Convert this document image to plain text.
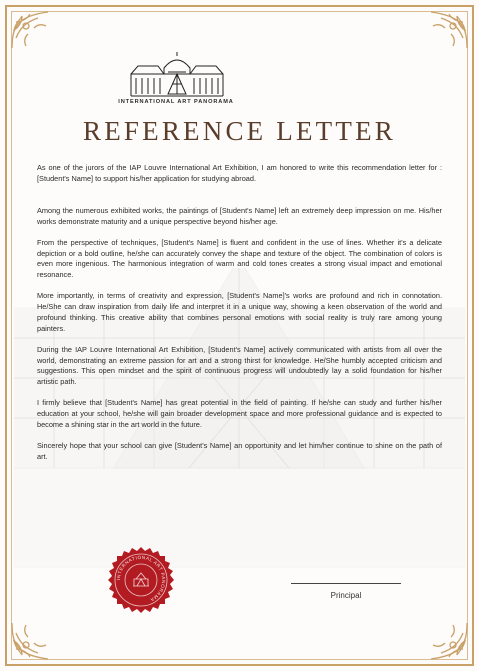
INTERNATIONAL ART PANORAMA
REFERENCE LETTER

As one of the jurors of the IAP Louvre International Art Exhibition, I am honored to write this recommendation letter for : [Student's Name] to support his/her application for studying abroad.

Among the numerous exhibited works, the paintings of [Student's Name] left an extremely deep impression on me. His/her works demonstrate maturity and a unique perspective beyond his/her age.

From the perspective of techniques, [Student's Name] is fluent and confident in the use of lines. Whether it's a delicate depiction or a bold outline, he/she can accurately convey the shape and texture of the object. The combination of colors is even more ingenious. The harmonious integration of warm and cold tones creates a strong visual impact and emotional resonance.

More importantly, in terms of creativity and expression, [Student's Name]'s works are profound and rich in connotation. He/She can draw inspiration from daily life and interpret it in a unique way, showing a keen observation of the world and profound thinking. This creative ability that combines personal emotions with social reality is truly rare among young painters.

During the IAP Louvre International Art Exhibition, [Student's Name] actively communicated with artists from all over the world, demonstrating an extreme passion for art and a strong thirst for knowledge. He/She humbly accepted criticism and suggestions. This open mindset and the spirit of continuous progress will undoubtedly lay a solid foundation for his/her artistic path.

I firmly believe that [Student's Name] has great potential in the field of painting. If he/she can study and further his/her education at your school, he/she will gain broader development space and more professional guidance and is expected to become a shining star in the art world in the future.

Sincerely hope that your school can give [Student's Name] an opportunity and let him/her continue to shine on the path of art.

INTERNATIONAL ART PANORAMA	Principal
